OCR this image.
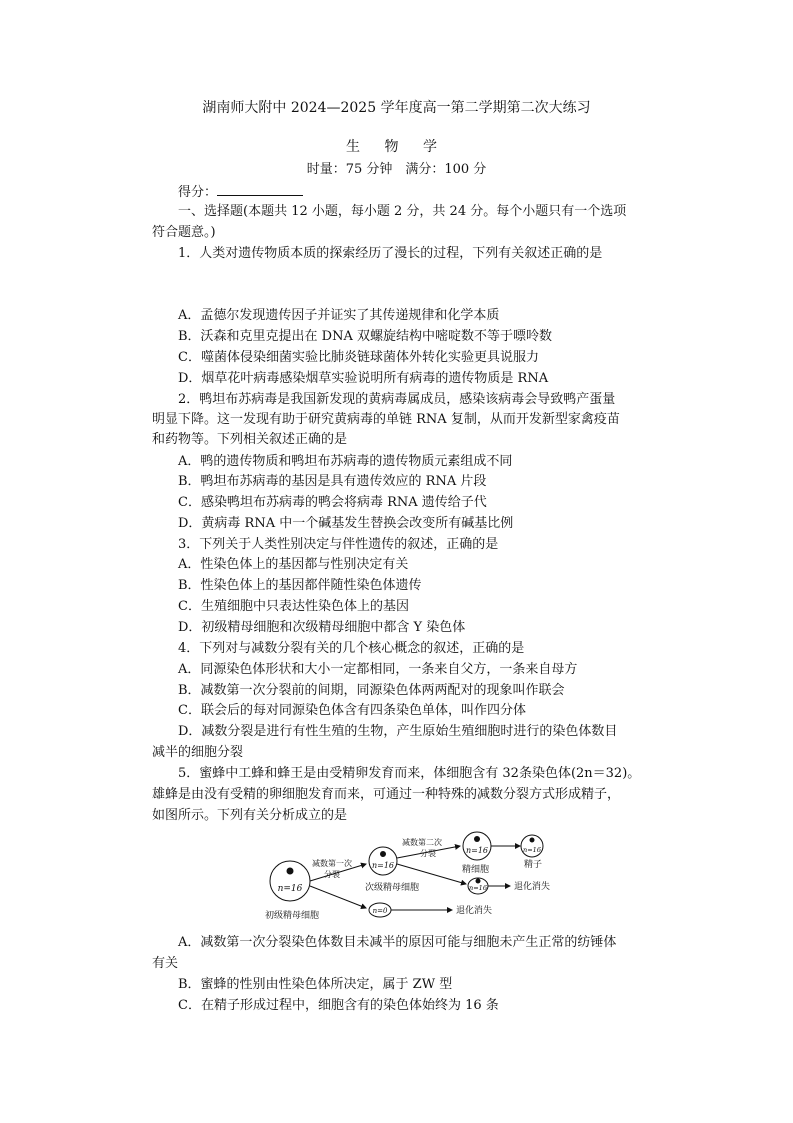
湖南师大附中 2024—2025 学年度高一第二学期第二次大练习
生 物 学
时量：75 分钟　满分：100 分
得分：
一、选择题(本题共 12 小题，每小题 2 分，共 24 分。每个小题只有一个选项
符合题意。)
1．人类对遗传物质本质的探索经历了漫长的过程，下列有关叙述正确的是
A．孟德尔发现遗传因子并证实了其传递规律和化学本质
B．沃森和克里克提出在 DNA 双螺旋结构中嘧啶数不等于嘌呤数
C．噬菌体侵染细菌实验比肺炎链球菌体外转化实验更具说服力
D．烟草花叶病毒感染烟草实验说明所有病毒的遗传物质是 RNA
2．鸭坦布苏病毒是我国新发现的黄病毒属成员，感染该病毒会导致鸭产蛋量
明显下降。这一发现有助于研究黄病毒的单链 RNA 复制，从而开发新型家禽疫苗
和药物等。下列相关叙述正确的是
A．鸭的遗传物质和鸭坦布苏病毒的遗传物质元素组成不同
B．鸭坦布苏病毒的基因是具有遗传效应的 RNA 片段
C．感染鸭坦布苏病毒的鸭会将病毒 RNA 遗传给子代
D．黄病毒 RNA 中一个碱基发生替换会改变所有碱基比例
3．下列关于人类性别决定与伴性遗传的叙述，正确的是
A．性染色体上的基因都与性别决定有关
B．性染色体上的基因都伴随性染色体遗传
C．生殖细胞中只表达性染色体上的基因
D．初级精母细胞和次级精母细胞中都含 Y 染色体
4．下列对与减数分裂有关的几个核心概念的叙述，正确的是
A．同源染色体形状和大小一定都相同，一条来自父方，一条来自母方
B．减数第一次分裂前的间期，同源染色体两两配对的现象叫作联会
C．联会后的每对同源染色体含有四条染色单体，叫作四分体
D．减数分裂是进行有性生殖的生物，产生原始生殖细胞时进行的染色体数目
减半的细胞分裂
5．蜜蜂中工蜂和蜂王是由受精卵发育而来，体细胞含有 32条染色体(2n＝32)。
雄蜂是由没有受精的卵细胞发育而来，可通过一种特殊的减数分裂方式形成精子，
如图所示。下列有关分析成立的是
n=16
初级精母细胞
减数第一次
分裂
n=16
次级精母细胞
n=0	退化消失
减数第二次
分裂	n=16
精细胞
n=16
精子
n=16	退化消失
A．减数第一次分裂染色体数目未减半的原因可能与细胞未产生正常的纺锤体
有关
B．蜜蜂的性别由性染色体所决定，属于 ZW 型
C．在精子形成过程中，细胞含有的染色体始终为 16 条
